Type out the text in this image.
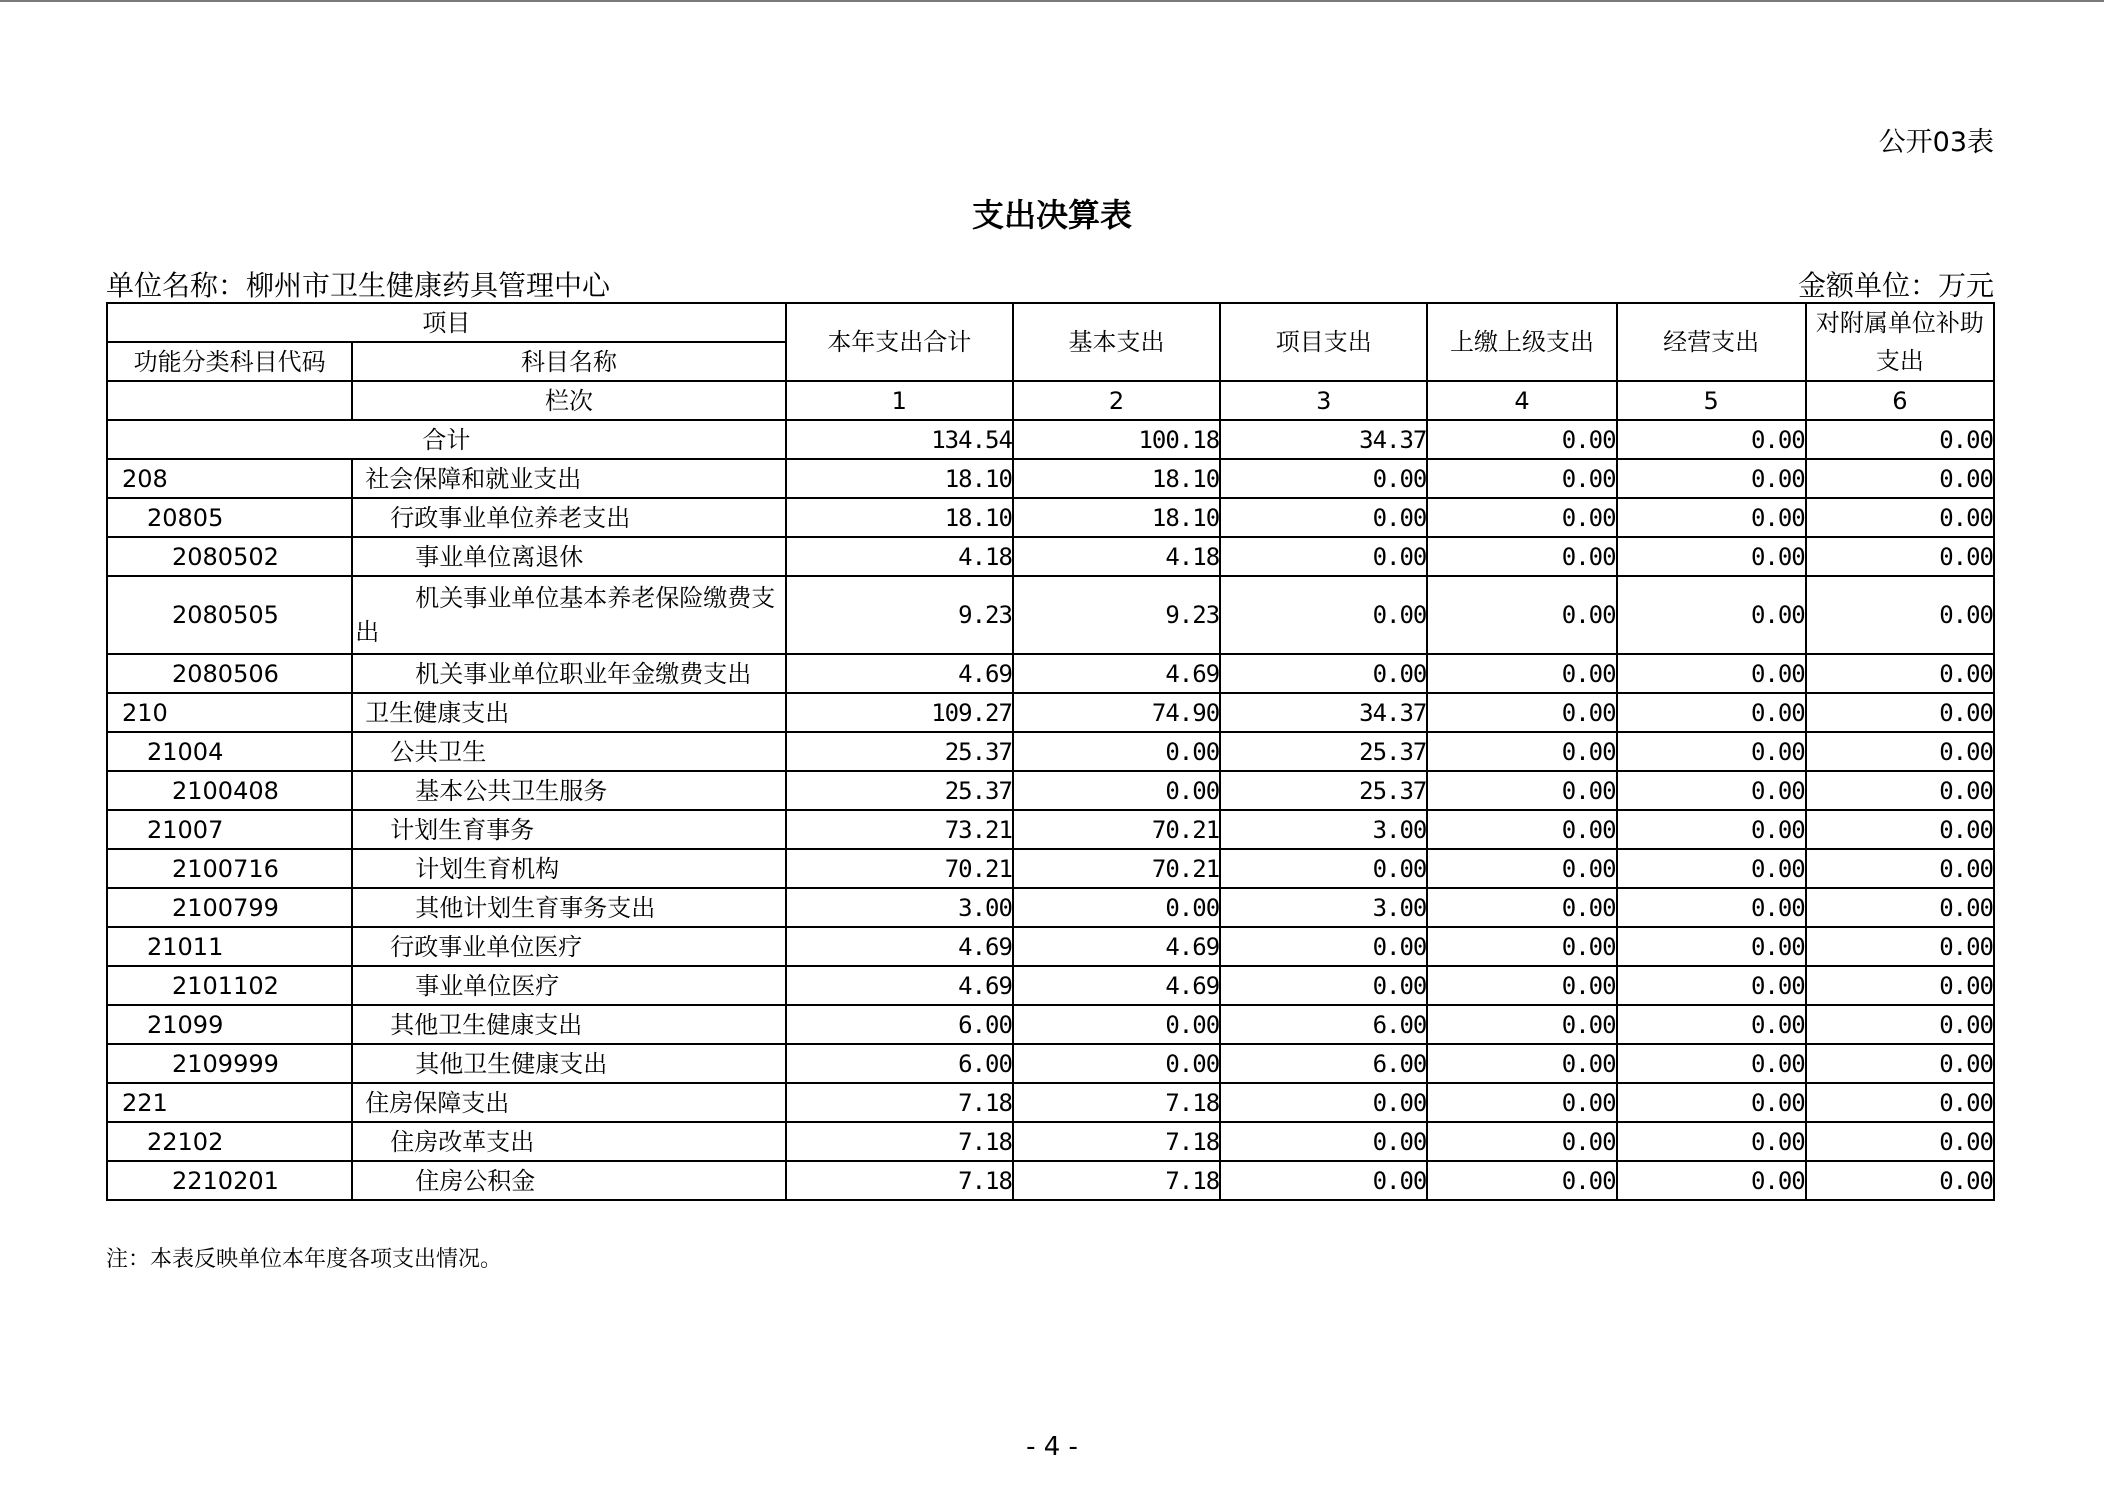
公开03表
支出决算表
单位名称：柳州市卫生健康药具管理中心	金额单位：万元
项目		本年支出合计	基本支出	项目支出	上缴上级支出	经营支出	对附属单位补助支出
功能分类科目代码	科目名称						
	栏次	1	2	3	4	5	6
合计		134.54	100.18	34.37	0.00	0.00	0.00
208	社会保障和就业支出	18.10	18.10	0.00	0.00	0.00	0.00
20805	行政事业单位养老支出	18.10	18.10	0.00	0.00	0.00	0.00
2080502	事业单位离退休	4.18	4.18	0.00	0.00	0.00	0.00
2080505	机关事业单位基本养老保险缴费支出	9.23	9.23	0.00	0.00	0.00	0.00
2080506	机关事业单位职业年金缴费支出	4.69	4.69	0.00	0.00	0.00	0.00
210	卫生健康支出	109.27	74.90	34.37	0.00	0.00	0.00
21004	公共卫生	25.37	0.00	25.37	0.00	0.00	0.00
2100408	基本公共卫生服务	25.37	0.00	25.37	0.00	0.00	0.00
21007	计划生育事务	73.21	70.21	3.00	0.00	0.00	0.00
2100716	计划生育机构	70.21	70.21	0.00	0.00	0.00	0.00
2100799	其他计划生育事务支出	3.00	0.00	3.00	0.00	0.00	0.00
21011	行政事业单位医疗	4.69	4.69	0.00	0.00	0.00	0.00
2101102	事业单位医疗	4.69	4.69	0.00	0.00	0.00	0.00
21099	其他卫生健康支出	6.00	0.00	6.00	0.00	0.00	0.00
2109999	其他卫生健康支出	6.00	0.00	6.00	0.00	0.00	0.00
221	住房保障支出	7.18	7.18	0.00	0.00	0.00	0.00
22102	住房改革支出	7.18	7.18	0.00	0.00	0.00	0.00
2210201	住房公积金	7.18	7.18	0.00	0.00	0.00	0.00
注：本表反映单位本年度各项支出情况。
- 4 -
